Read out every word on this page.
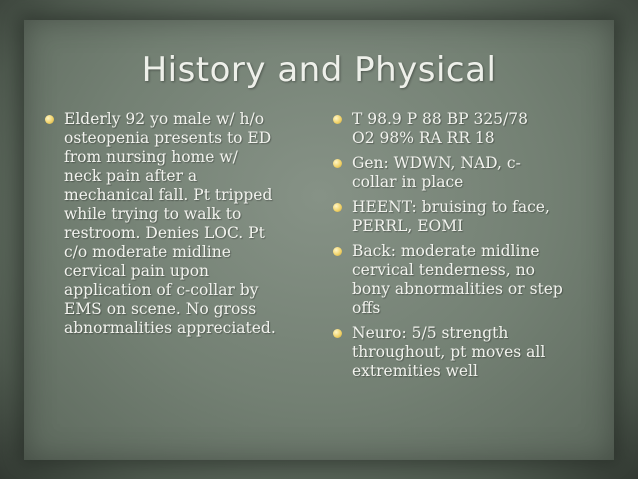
History and Physical
Elderly 92 yo male w/ h/o
osteopenia presents to ED
from nursing home w/
neck pain after a
mechanical fall. Pt tripped
while trying to walk to
restroom. Denies LOC. Pt
c/o moderate midline
cervical pain upon
application of c-collar by
EMS on scene. No gross
abnormalities appreciated.
T 98.9 P 88 BP 325/78
O2 98% RA RR 18
Gen: WDWN, NAD, c-
collar in place
HEENT: bruising to face,
PERRL, EOMI
Back: moderate midline
cervical tenderness, no
bony abnormalities or step
offs
Neuro: 5/5 strength
throughout, pt moves all
extremities well
